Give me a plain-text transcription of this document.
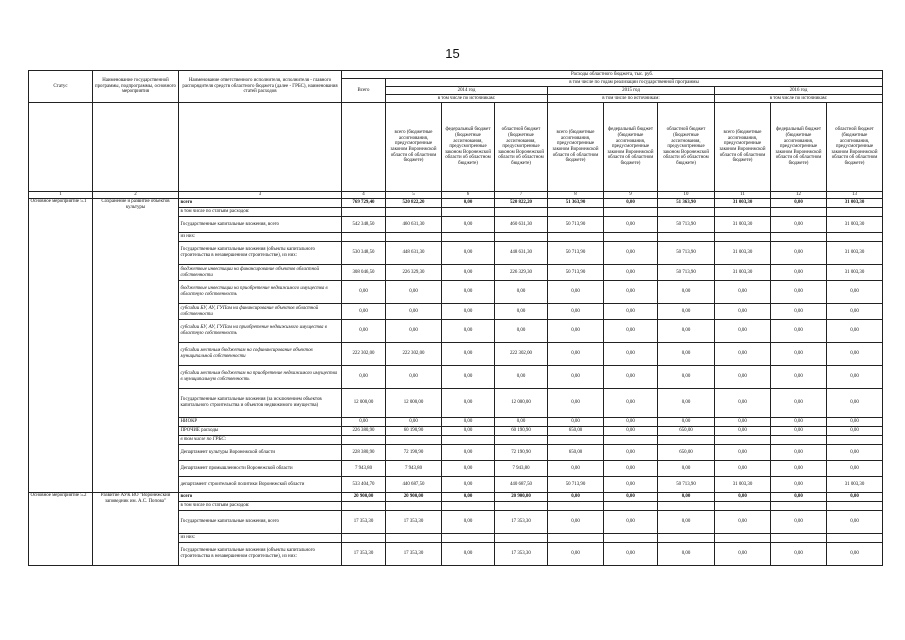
15
Статус	Наименование государственной программы, подпрограммы, основного мероприятия	Наименование ответственного исполнителя, исполнителя - главного распорядителя средств областного бюджета (далее - ГРБС), наименования статей расходов	Расходы областного бюджета, тыс. руб.									
			Всего	в том числе по годам реализации государственной программы								
				2014 год			2015 год			2016 год		
				в том числе по источникам:			в том числе по источникам:			в том числе по источникам:		
				всего (бюджетные ассигнования, предусмотренные законом Воронежской области об областном бюджете)	федеральный бюджет (бюджетные ассигнования, предусмотренные законом Воронежской области об областном бюджете)	областной бюджет (бюджетные ассигнования, предусмотренные законом Воронежской области об областном бюджете)	всего (бюджетные ассигнования, предусмотренные законом Воронежской области об областном бюджете)	федеральный бюджет (бюджетные ассигнования, предусмотренные законом Воронежской области об областном бюджете)	областной бюджет (бюджетные ассигнования, предусмотренные законом Воронежской области об областном бюджете)	всего (бюджетные ассигнования, предусмотренные законом Воронежской области об областном бюджете)	федеральный бюджет (бюджетные ассигнования, предусмотренные законом Воронежской области об областном бюджете)	областной бюджет (бюджетные ассигнования, предусмотренные законом Воронежской области об областном бюджете)
1	2	3	4	5	6	7	8	9	10	11	12	13
Основное мероприятие 5.1	Сохранение и развитие объектов культуры	всего	769 729,40	520 822,20	0,00	520 822,20	51 363,90	0,00	51 363,90	31 003,30	0,00	31 003,30
		в том числе по статьям расходов:										
		Государственные капитальные вложения, всего	542 348,50	460 631,30	0,00	460 631,30	50 713,90	0,00	50 713,90	31 003,30	0,00	31 003,30
		из них:										
		Государственные капитальные вложения (объекты капитального строительства в незавершенном строительстве), из них:	530 348,50	448 631,30	0,00	448 631,30	50 713,90	0,00	50 713,90	31 003,30	0,00	31 003,30
		бюджетные инвестиции на финансирование объектов областной собственности	308 046,50	226 329,30	0,00	226 329,30	50 713,90	0,00	50 713,90	31 003,30	0,00	31 003,30
		бюджетные инвестиции на приобретение недвижимого имущества в областную собственность	0,00	0,00	0,00	0,00	0,00	0,00	0,00	0,00	0,00	0,00
		субсидии БУ, АУ, ГУПам на финансирование объектов областной собственности	0,00	0,00	0,00	0,00	0,00	0,00	0,00	0,00	0,00	0,00
		субсидии БУ, АУ, ГУПам на приобретение недвижимого имущества в областную собственность	0,00	0,00	0,00	0,00	0,00	0,00	0,00	0,00	0,00	0,00
		субсидии местным бюджетам на софинансирование объектов муниципальной собственности	222 302,00	222 302,00	0,00	222 302,00	0,00	0,00	0,00	0,00	0,00	0,00
		субсидии местным бюджетам на приобретение недвижимого имущества в муниципальную собственность	0,00	0,00	0,00	0,00	0,00	0,00	0,00	0,00	0,00	0,00
		Государственные капитальные вложения (за исключением объектов капитального строительства и объектов недвижимого имущества)	12 000,00	12 000,00	0,00	12 000,00	0,00	0,00	0,00	0,00	0,00	0,00
		НИОКР	0,00	0,00	0,00	0,00	0,00	0,00	0,00	0,00	0,00	0,00
		ПРОЧИЕ расходы	226 380,90	60 190,90	0,00	60 190,90	650,00	0,00	650,00	0,00	0,00	0,00
		в том числе по ГРБС:										
		Департамент культуры Воронежской области	228 380,90	72 190,90	0,00	72 190,90	650,00	0,00	650,00	0,00	0,00	0,00
		Департамент промышленности Воронежской области	7 943,80	7 943,80	0,00	7 943,80	0,00	0,00	0,00	0,00	0,00	0,00
		департамент строительной политики Воронежской области	533 404,70	440 687,50	0,00	440 687,50	50 713,90	0,00	50 713,90	31 003,30	0,00	31 003,30
Основное мероприятие 5.2	Развитие АУК ВО "Воронежский заповедник им. А.С. Попова"	всего	20 900,00	20 900,00	0,00	20 900,00	0,00	0,00	0,00	0,00	0,00	0,00
		в том числе по статьям расходов:										
		Государственные капитальные вложения, всего	17 353,30	17 353,30	0,00	17 353,30	0,00	0,00	0,00	0,00	0,00	0,00
		из них:										
		Государственные капитальные вложения (объекты капитального строительства в незавершенном строительстве), из них:	17 353,30	17 353,30	0,00	17 353,30	0,00	0,00	0,00	0,00	0,00	0,00
